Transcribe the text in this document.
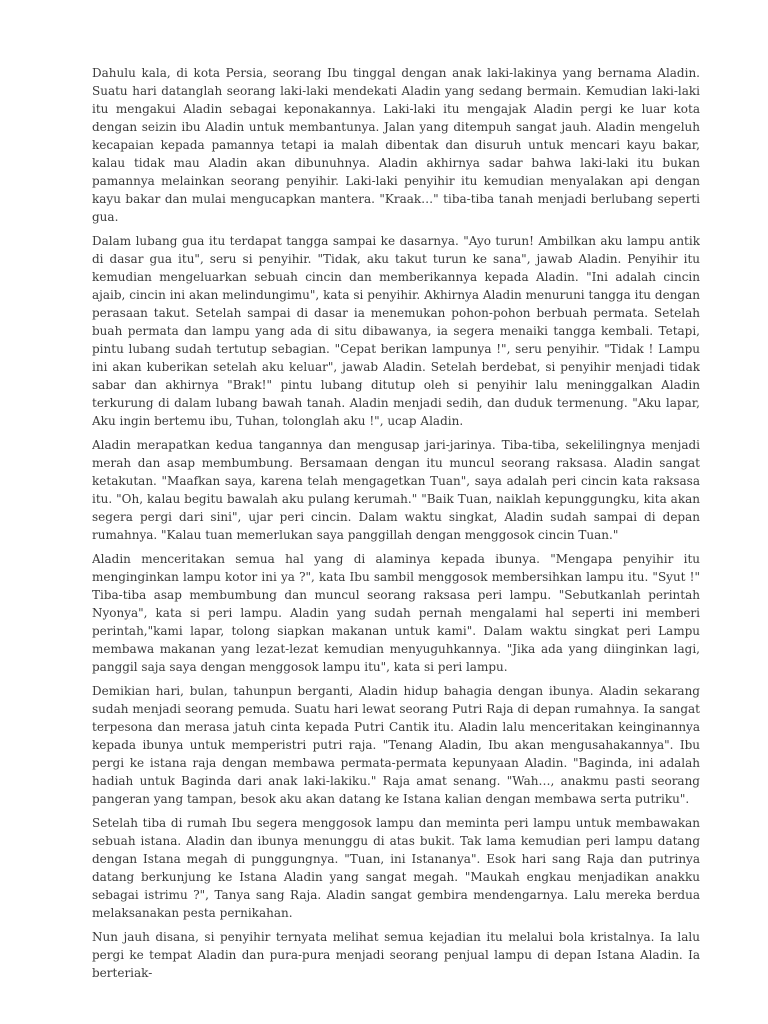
Dahulu kala, di kota Persia, seorang Ibu tinggal dengan anak laki-lakinya yang bernama Aladin. Suatu hari datanglah seorang laki-laki mendekati Aladin yang sedang bermain. Kemudian laki-laki itu mengakui Aladin sebagai keponakannya. Laki-laki itu mengajak Aladin pergi ke luar kota dengan seizin ibu Aladin untuk membantunya. Jalan yang ditempuh sangat jauh. Aladin mengeluh kecapaian kepada pamannya tetapi ia malah dibentak dan disuruh untuk mencari kayu bakar, kalau tidak mau Aladin akan dibunuhnya. Aladin akhirnya sadar bahwa laki-laki itu bukan pamannya melainkan seorang penyihir. Laki-laki penyihir itu kemudian menyalakan api dengan kayu bakar dan mulai mengucapkan mantera. "Kraak…" tiba-tiba tanah menjadi berlubang seperti gua.

Dalam lubang gua itu terdapat tangga sampai ke dasarnya. "Ayo turun! Ambilkan aku lampu antik di dasar gua itu", seru si penyihir. "Tidak, aku takut turun ke sana", jawab Aladin. Penyihir itu kemudian mengeluarkan sebuah cincin dan memberikannya kepada Aladin. "Ini adalah cincin ajaib, cincin ini akan melindungimu", kata si penyihir. Akhirnya Aladin menuruni tangga itu dengan perasaan takut. Setelah sampai di dasar ia menemukan pohon-pohon berbuah permata. Setelah buah permata dan lampu yang ada di situ dibawanya, ia segera menaiki tangga kembali. Tetapi, pintu lubang sudah tertutup sebagian. "Cepat berikan lampunya !", seru penyihir. "Tidak ! Lampu ini akan kuberikan setelah aku keluar", jawab Aladin. Setelah berdebat, si penyihir menjadi tidak sabar dan akhirnya "Brak!" pintu lubang ditutup oleh si penyihir lalu meninggalkan Aladin terkurung di dalam lubang bawah tanah. Aladin menjadi sedih, dan duduk termenung. "Aku lapar, Aku ingin bertemu ibu, Tuhan, tolonglah aku !", ucap Aladin.

Aladin merapatkan kedua tangannya dan mengusap jari-jarinya. Tiba-tiba, sekelilingnya menjadi merah dan asap membumbung. Bersamaan dengan itu muncul seorang raksasa. Aladin sangat ketakutan. "Maafkan saya, karena telah mengagetkan Tuan", saya adalah peri cincin kata raksasa itu. "Oh, kalau begitu bawalah aku pulang kerumah." "Baik Tuan, naiklah kepunggungku, kita akan segera pergi dari sini", ujar peri cincin. Dalam waktu singkat, Aladin sudah sampai di depan rumahnya. "Kalau tuan memerlukan saya panggillah dengan menggosok cincin Tuan."

Aladin menceritakan semua hal yang di alaminya kepada ibunya. "Mengapa penyihir itu menginginkan lampu kotor ini ya ?", kata Ibu sambil menggosok membersihkan lampu itu. "Syut !" Tiba-tiba asap membumbung dan muncul seorang raksasa peri lampu. "Sebutkanlah perintah Nyonya", kata si peri lampu. Aladin yang sudah pernah mengalami hal seperti ini memberi perintah,"kami lapar, tolong siapkan makanan untuk kami". Dalam waktu singkat peri Lampu membawa makanan yang lezat-lezat kemudian menyuguhkannya. "Jika ada yang diinginkan lagi, panggil saja saya dengan menggosok lampu itu", kata si peri lampu.

Demikian hari, bulan, tahunpun berganti, Aladin hidup bahagia dengan ibunya. Aladin sekarang sudah menjadi seorang pemuda. Suatu hari lewat seorang Putri Raja di depan rumahnya. Ia sangat terpesona dan merasa jatuh cinta kepada Putri Cantik itu. Aladin lalu menceritakan keinginannya kepada ibunya untuk memperistri putri raja. "Tenang Aladin, Ibu akan mengusahakannya". Ibu pergi ke istana raja dengan membawa permata-permata kepunyaan Aladin. "Baginda, ini adalah hadiah untuk Baginda dari anak laki-lakiku." Raja amat senang. "Wah…, anakmu pasti seorang pangeran yang tampan, besok aku akan datang ke Istana kalian dengan membawa serta putriku".

Setelah tiba di rumah Ibu segera menggosok lampu dan meminta peri lampu untuk membawakan sebuah istana. Aladin dan ibunya menunggu di atas bukit. Tak lama kemudian peri lampu datang dengan Istana megah di punggungnya. "Tuan, ini Istananya". Esok hari sang Raja dan putrinya datang berkunjung ke Istana Aladin yang sangat megah. "Maukah engkau menjadikan anakku sebagai istrimu ?", Tanya sang Raja. Aladin sangat gembira mendengarnya. Lalu mereka berdua melaksanakan pesta pernikahan.

Nun jauh disana, si penyihir ternyata melihat semua kejadian itu melalui bola kristalnya. Ia lalu pergi ke tempat Aladin dan pura-pura menjadi seorang penjual lampu di depan Istana Aladin. Ia berteriak-
